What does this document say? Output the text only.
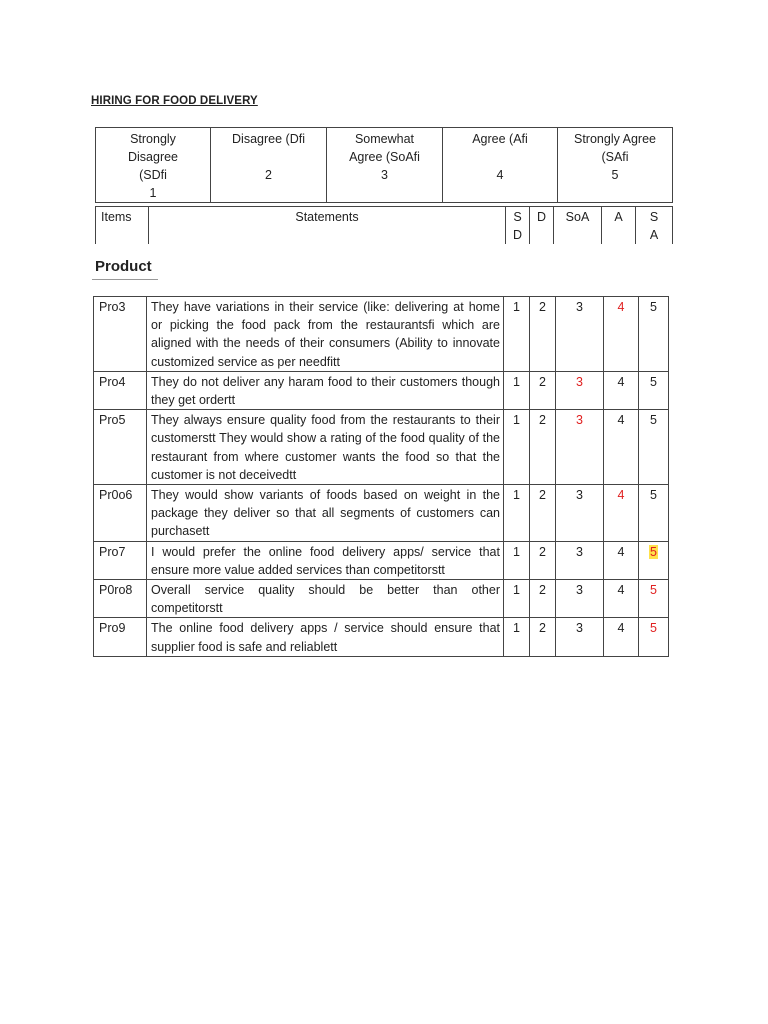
HIRING FOR FOOD DELIVERY
Strongly Disagree (SDfi
1

Disagree (Dfi
2

Somewhat Agree (SoAfi
3

Agree (Afi
4

Strongly Agree (SAfi
5
Items	Statements	S D	D	SoA	A	S A
Product
Pro3	They have variations in their service (like: delivering at home or picking the food pack from the restaurantsfi which are aligned with the needs of their consumers (Ability to innovate customized service as per needfitt	1	2	3	4	5
Pro4	They do not deliver any haram food to their customers though they get ordertt	1	2	3	4	5
Pro5	They always ensure quality food from the restaurants to their customerstt They would show a rating of the food quality of the restaurant from where customer wants the food so that the customer is not deceivedtt	1	2	3	4	5
Pr0o6	They would show variants of foods based on weight in the package they deliver so that all segments of customers can purchasett	1	2	3	4	5
Pro7	I would prefer the online food delivery apps/ service that ensure more value added services than competitorstt	1	2	3	4	5
P0ro8	Overall service quality should be better than other competitorstt	1	2	3	4	5
Pro9	The online food delivery apps / service should ensure that supplier food is safe and reliablett	1	2	3	4	5
